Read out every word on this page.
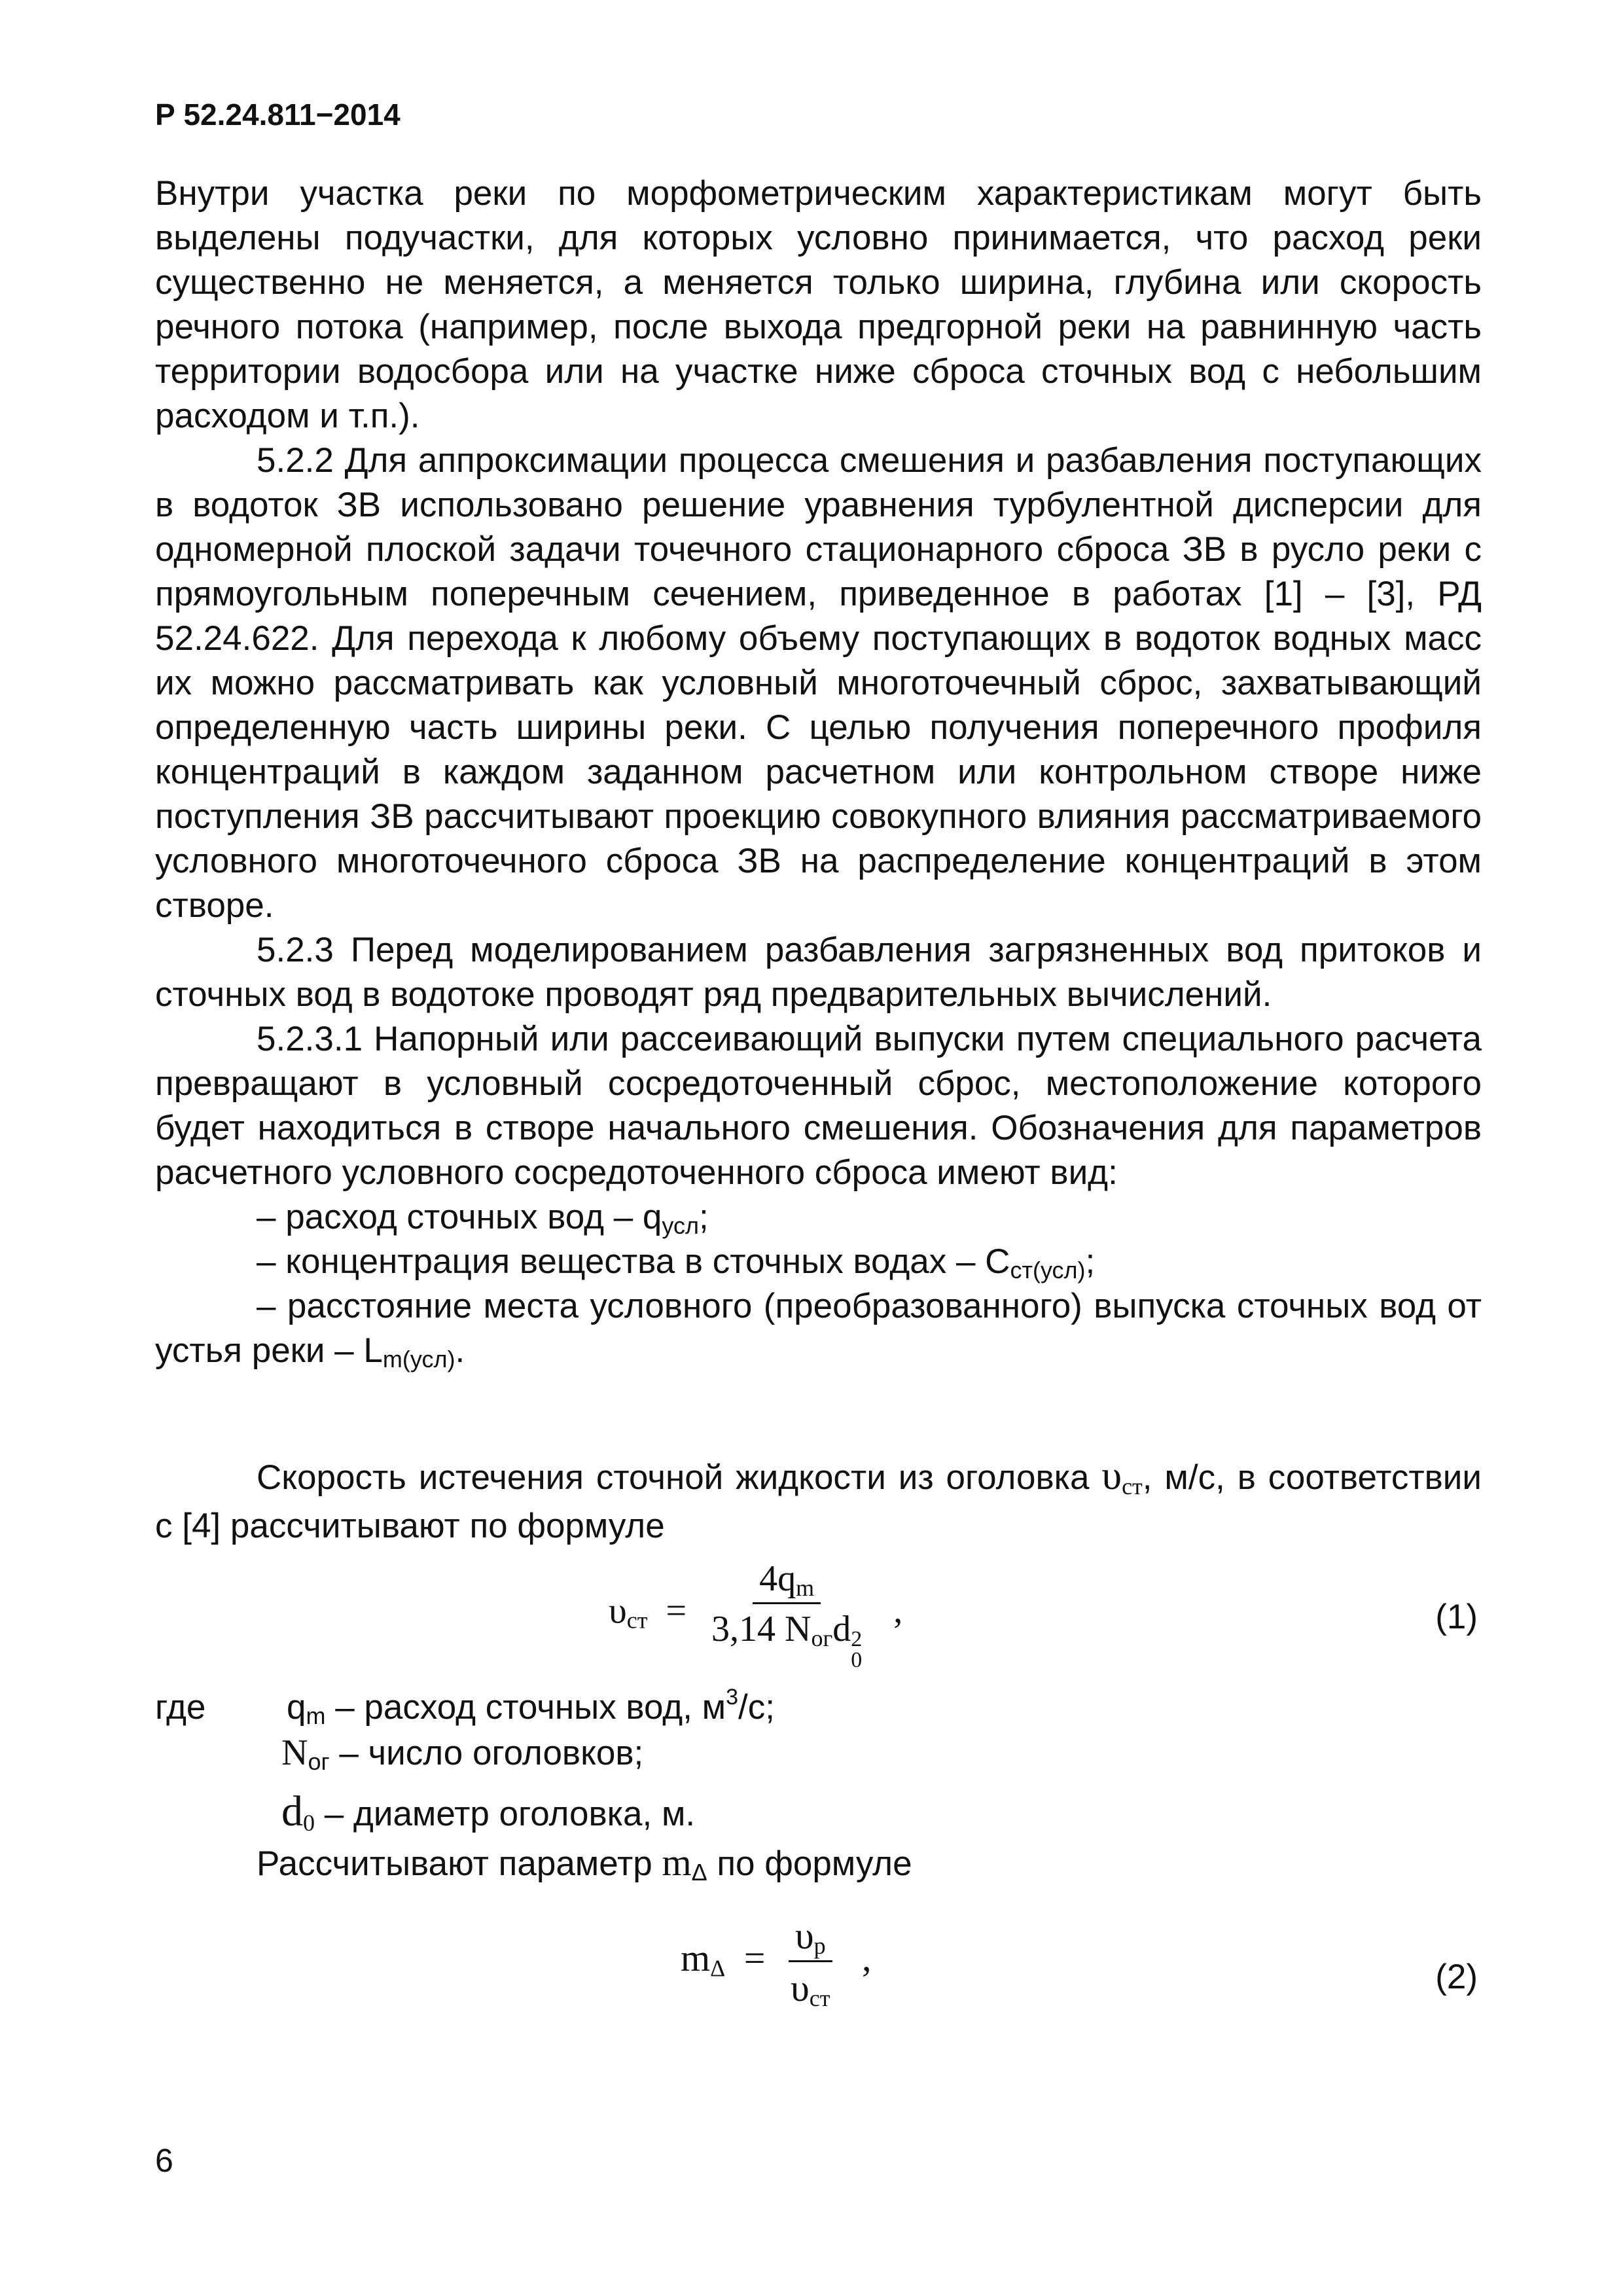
Р 52.24.811−2014

Внутри участка реки по морфометрическим характеристикам могут быть выделены подучастки, для которых условно принимается, что расход реки существенно не меняется, а меняется только ширина, глубина или скорость речного потока (например, после выхода предгорной реки на равнинную часть территории водосбора или на участке ниже сброса сточных вод с небольшим расходом и т.п.).

5.2.2 Для аппроксимации процесса смешения и разбавления поступающих в водоток ЗВ использовано решение уравнения турбулентной дисперсии для одномерной плоской задачи точечного стационарного сброса ЗВ в русло реки с прямоугольным поперечным сечением, приведенное в работах [1] – [3], РД 52.24.622. Для перехода к любому объему поступающих в водоток водных масс их можно рассматривать как условный многоточечный сброс, захватывающий определенную часть ширины реки. С целью получения поперечного профиля концентраций в каждом заданном расчетном или контрольном створе ниже поступления ЗВ рассчитывают проекцию совокупного влияния рассматриваемого условного многоточечного сброса ЗВ на распределение концентраций в этом створе.

5.2.3 Перед моделированием разбавления загрязненных вод притоков и сточных вод в водотоке проводят ряд предварительных вычислений.

5.2.3.1 Напорный или рассеивающий выпуски путем специального расчета превращают в условный сосредоточенный сброс, местоположение которого будет находиться в створе начального смешения. Обозначения для параметров расчетного условного сосредоточенного сброса имеют вид:

– расход сточных вод – $q_{усл}$;

– концентрация вещества в сточных водах – $С_{ст(усл)}$;

– расстояние места условного (преобразованного) выпуска сточных вод от устья реки – $L_{m(усл)}$.

Скорость истечения сточной жидкости из оголовка $\upsilon_{ст}$, м/с, в соответствии с [4] рассчитывают по формуле

$\upsilon_{ст} = 4q_m$
3,14 $N_{ог}d$ 2
0 ,	(1)
где $q_m$ – расход сточных вод, $м^3/с$;
$N_{ог}$ – число оголовков;
$d_0$ – диаметр оголовка, м.
Рассчитывают параметр $m_\Delta$ по формуле
$m_\Delta = \frac{\upsilon_р}{\upsilon_{ст}}$ ,	(2)
6
